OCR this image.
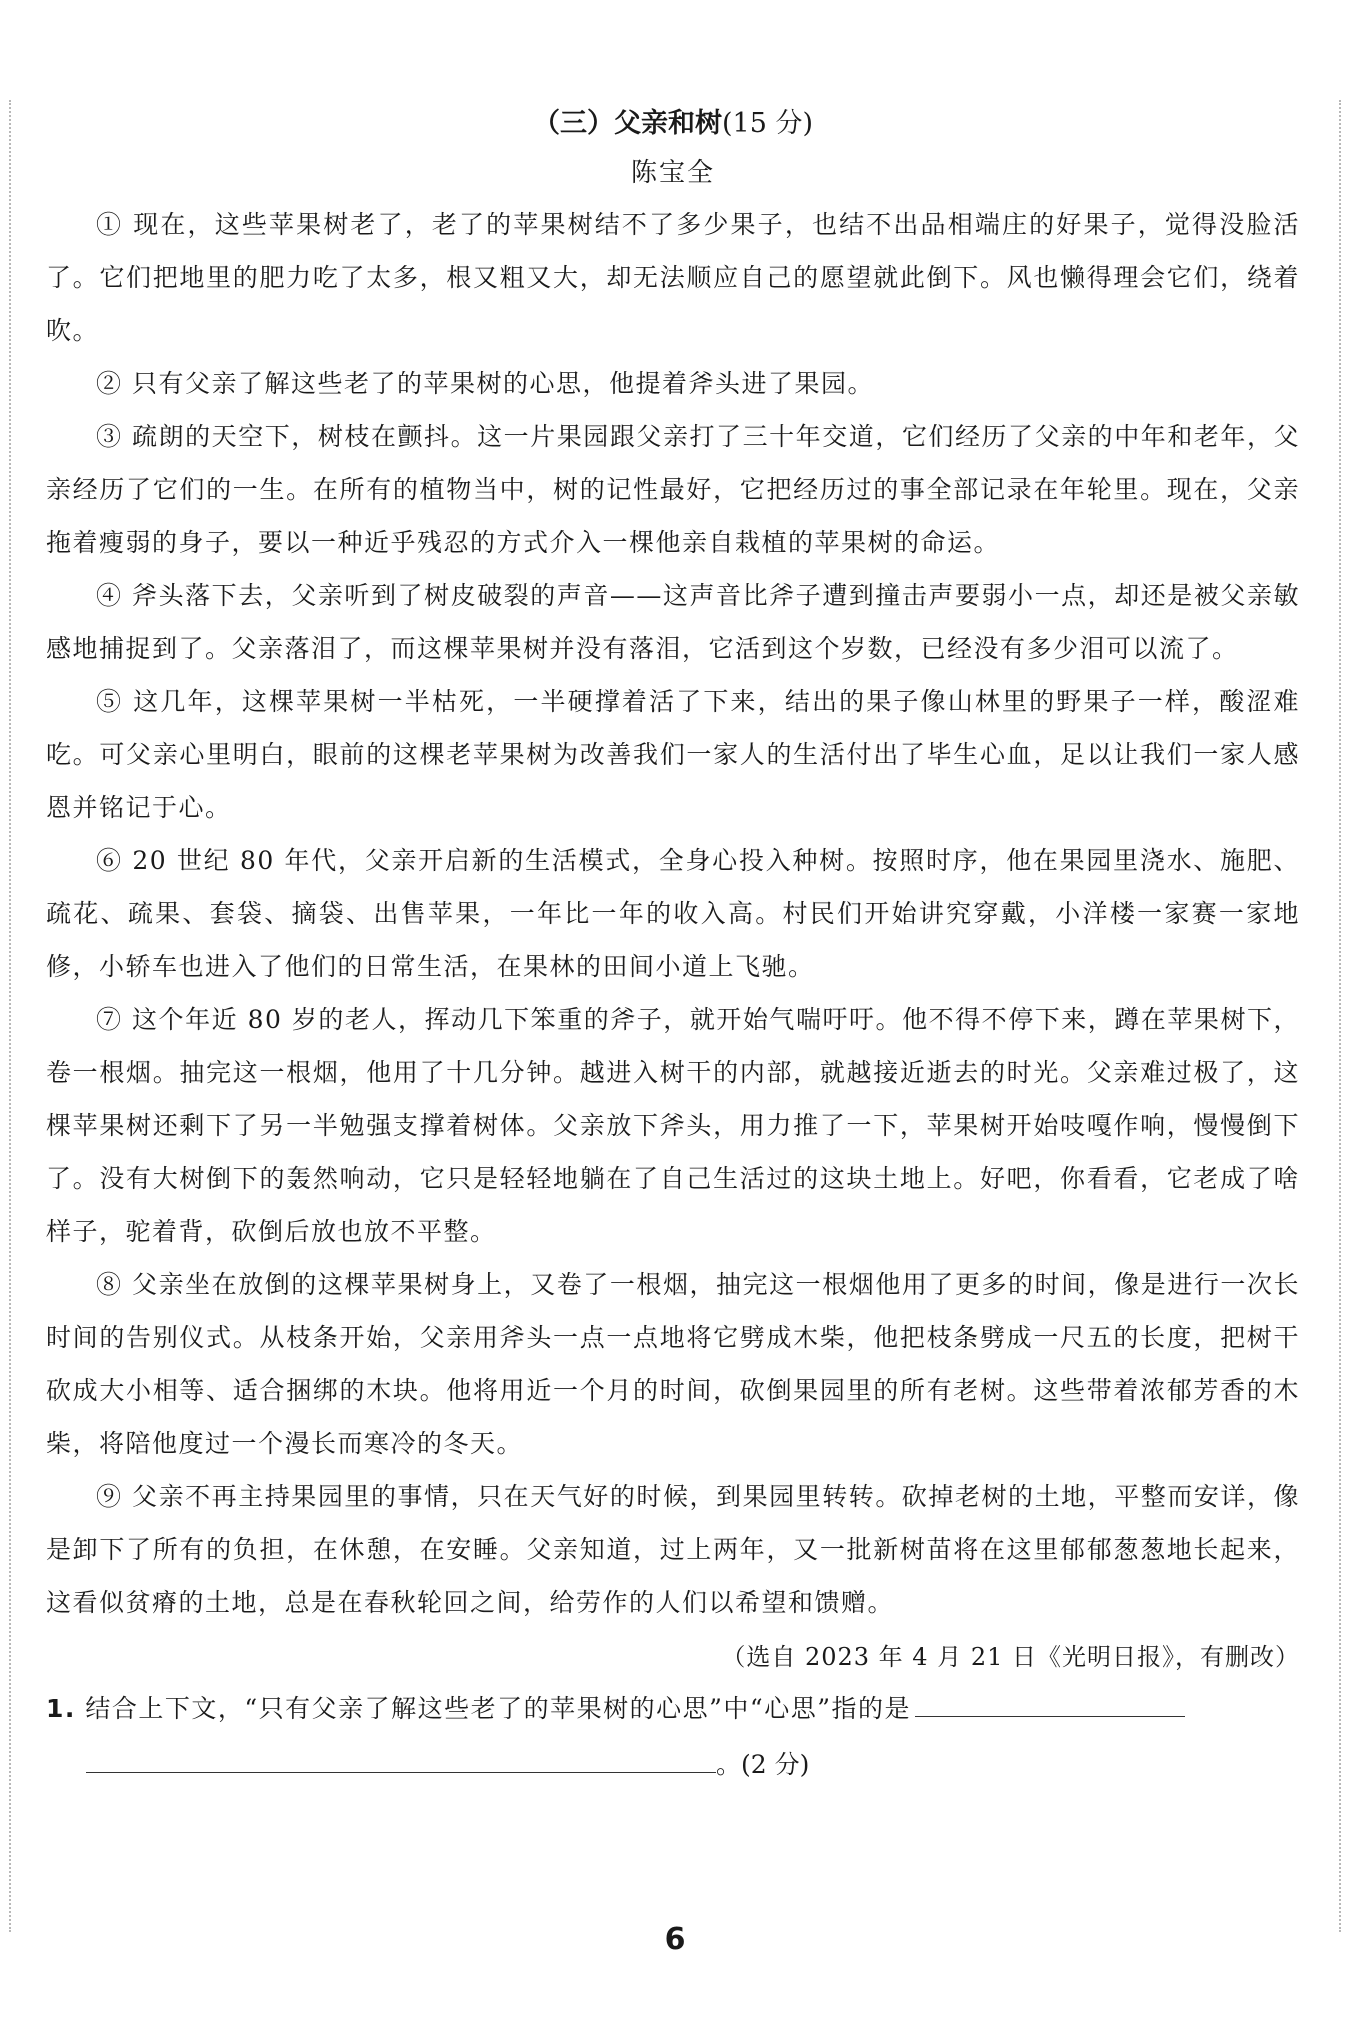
（三）父亲和树(15 分)

陈宝全

① 现在，这些苹果树老了，老了的苹果树结不了多少果子，也结不出品相端庄的好果子，觉得没脸活了。它们把地里的肥力吃了太多，根又粗又大，却无法顺应自己的愿望就此倒下。风也懒得理会它们，绕着吹。

② 只有父亲了解这些老了的苹果树的心思，他提着斧头进了果园。

③ 疏朗的天空下，树枝在颤抖。这一片果园跟父亲打了三十年交道，它们经历了父亲的中年和老年，父亲经历了它们的一生。在所有的植物当中，树的记性最好，它把经历过的事全部记录在年轮里。现在，父亲拖着瘦弱的身子，要以一种近乎残忍的方式介入一棵他亲自栽植的苹果树的命运。

④ 斧头落下去，父亲听到了树皮破裂的声音——这声音比斧子遭到撞击声要弱小一点，却还是被父亲敏感地捕捉到了。父亲落泪了，而这棵苹果树并没有落泪，它活到这个岁数，已经没有多少泪可以流了。

⑤ 这几年，这棵苹果树一半枯死，一半硬撑着活了下来，结出的果子像山林里的野果子一样，酸涩难吃。可父亲心里明白，眼前的这棵老苹果树为改善我们一家人的生活付出了毕生心血，足以让我们一家人感恩并铭记于心。

⑥ 20 世纪 80 年代，父亲开启新的生活模式，全身心投入种树。按照时序，他在果园里浇水、施肥、疏花、疏果、套袋、摘袋、出售苹果，一年比一年的收入高。村民们开始讲究穿戴，小洋楼一家赛一家地修，小轿车也进入了他们的日常生活，在果林的田间小道上飞驰。

⑦ 这个年近 80 岁的老人，挥动几下笨重的斧子，就开始气喘吁吁。他不得不停下来，蹲在苹果树下，卷一根烟。抽完这一根烟，他用了十几分钟。越进入树干的内部，就越接近逝去的时光。父亲难过极了，这棵苹果树还剩下了另一半勉强支撑着树体。父亲放下斧头，用力推了一下，苹果树开始吱嘎作响，慢慢倒下了。没有大树倒下的轰然响动，它只是轻轻地躺在了自己生活过的这块土地上。好吧，你看看，它老成了啥样子，驼着背，砍倒后放也放不平整。

⑧ 父亲坐在放倒的这棵苹果树身上，又卷了一根烟，抽完这一根烟他用了更多的时间，像是进行一次长时间的告别仪式。从枝条开始，父亲用斧头一点一点地将它劈成木柴，他把枝条劈成一尺五的长度，把树干砍成大小相等、适合捆绑的木块。他将用近一个月的时间，砍倒果园里的所有老树。这些带着浓郁芳香的木柴，将陪他度过一个漫长而寒冷的冬天。

⑨ 父亲不再主持果园里的事情，只在天气好的时候，到果园里转转。砍掉老树的土地，平整而安详，像是卸下了所有的负担，在休憩，在安睡。父亲知道，过上两年，又一批新树苗将在这里郁郁葱葱地长起来，这看似贫瘠的土地，总是在春秋轮回之间，给劳作的人们以希望和馈赠。

（选自 2023 年 4 月 21 日《光明日报》，有删改）

1. 结合上下文，“只有父亲了解这些老了的苹果树的心思”中“心思”指的是
。(2 分)
6
